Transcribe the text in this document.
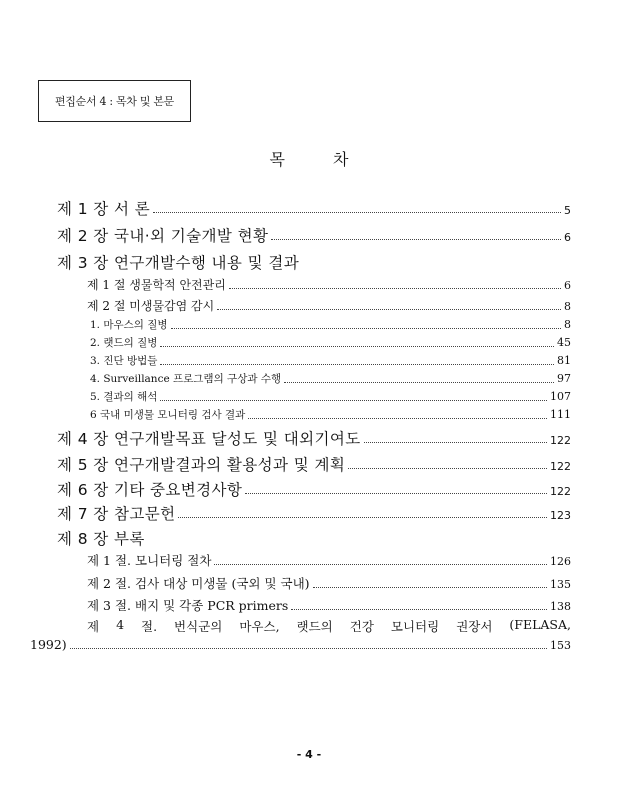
편집순서 4 : 목차 및 본문
목차
제 1 장 서 론	5
제 2 장 국내·외 기술개발 현황	6
제 3 장 연구개발수행 내용 및 결과
제 1 절 생물학적 안전관리	6
제 2 절 미생물감염 감시	8
1. 마우스의 질병	8
2. 랫드의 질병	45
3. 진단 방법들	81
4. Surveillance 프로그램의 구상과 수행	97
5. 결과의 해석	107
6 국내 미생물 모니터링 검사 결과	111
제 4 장 연구개발목표 달성도 및 대외기여도	122
제 5 장 연구개발결과의 활용성과 및 계획	122
제 6 장 기타 중요변경사항	122
제 7 장 참고문헌	123
제 8 장 부록
제 1 절. 모니터링 절차	126
제 2 절. 검사 대상 미생물 (국외 및 국내)	135
제 3 절. 배지 및 각종 PCR primers	138
제 4 절. 번식군의 마우스, 랫드의 건강 모니터링 권장서 (FELASA,
1992)	153
- 4 -
